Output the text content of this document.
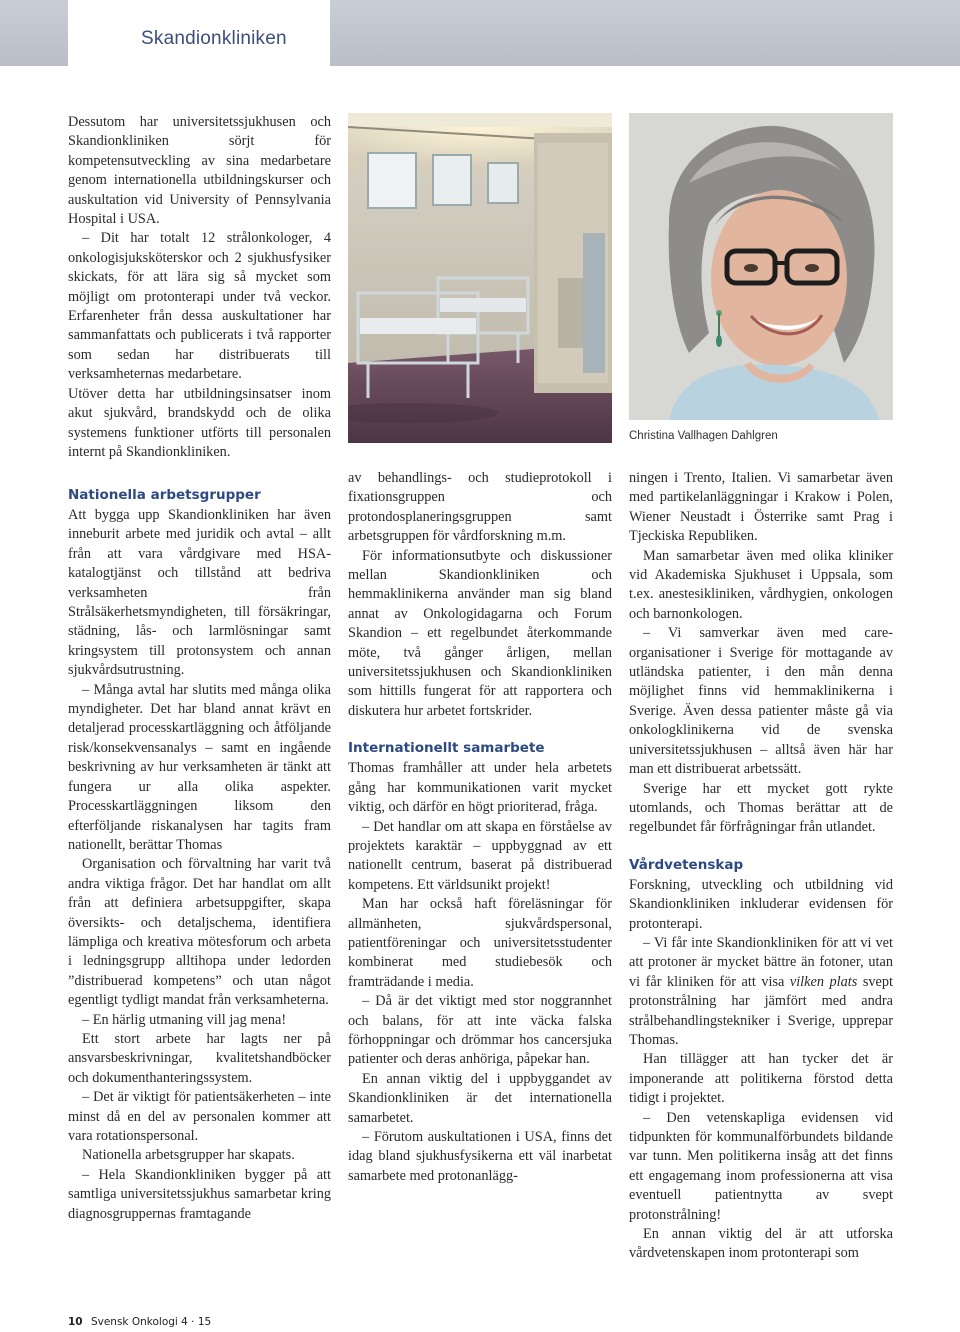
Skandionkliniken

Dessutom har universitetssjukhusen och Skandionkliniken sörjt för kompetensutveckling av sina medarbetare genom internationella utbildningskurser och auskultation vid University of Pennsylvania Hospital i USA.

– Dit har totalt 12 strålonkologer, 4 onkologisjuksköterskor och 2 sjukhusfysiker skickats, för att lära sig så mycket som möjligt om protonterapi under två veckor. Erfarenheter från dessa auskultationer har sammanfattats och publicerats i två rapporter som sedan har distribuerats till verksamheternas medarbetare.

Utöver detta har utbildningsinsatser inom akut sjukvård, brandskydd och de olika systemens funktioner utförts till personalen internt på Skandionkliniken.

Nationella arbetsgrupper

Att bygga upp Skandionkliniken har även inneburit arbete med juridik och avtal – allt från att vara vårdgivare med HSA-katalogtjänst och tillstånd att bedriva verksamheten från Strålsäkerhetsmyndigheten, till försäkringar, städning, lås- och larmlösningar samt kringsystem till protonsystem och annan sjukvårdsutrustning.

– Många avtal har slutits med många olika myndigheter. Det har bland annat krävt en detaljerad processkartläggning och åtföljande risk/konsekvensanalys – samt en ingående beskrivning av hur verksamheten är tänkt att fungera ur alla olika aspekter. Processkartläggningen liksom den efterföljande riskanalysen har tagits fram nationellt, berättar Thomas

Organisation och förvaltning har varit två andra viktiga frågor. Det har handlat om allt från att definiera arbetsuppgifter, skapa översikts- och detaljschema, identifiera lämpliga och kreativa mötesforum och arbeta i ledningsgrupp alltihopa under ledorden ”distribuerad kompetens” och utan något egentligt tydligt mandat från verksamheterna.

– En härlig utmaning vill jag mena!

Ett stort arbete har lagts ner på ansvarsbeskrivningar, kvalitetshandböcker och dokumenthanteringssystem.

– Det är viktigt för patientsäkerheten – inte minst då en del av personalen kommer att vara rotationspersonal.

Nationella arbetsgrupper har skapats.

– Hela Skandionkliniken bygger på att samtliga universitetssjukhus samarbetar kring diagnosgruppernas framtagande

Christina Vallhagen Dahlgren

av behandlings- och studieprotokoll i fixationsgruppen och protondosplaneringsgruppen samt arbetsgruppen för vårdforskning m.m.

För informationsutbyte och diskussioner mellan Skandionkliniken och hemmaklinikerna använder man sig bland annat av Onkologidagarna och Forum Skandion – ett regelbundet återkommande möte, två gånger årligen, mellan universitetssjukhusen och Skandionkliniken som hittills fungerat för att rapportera och diskutera hur arbetet fortskrider.

Internationellt samarbete

Thomas framhåller att under hela arbetets gång har kommunikationen varit mycket viktig, och därför en högt prioriterad, fråga.

– Det handlar om att skapa en förståelse av projektets karaktär – uppbyggnad av ett nationellt centrum, baserat på distribuerad kompetens. Ett världsunikt projekt!

Man har också haft föreläsningar för allmänheten, sjukvårdspersonal, patientföreningar och universitetsstudenter kombinerat med studiebesök och framträdande i media.

– Då är det viktigt med stor noggrannhet och balans, för att inte väcka falska förhoppningar och drömmar hos cancersjuka patienter och deras anhöriga, påpekar han.

En annan viktig del i uppbyggandet av Skandionkliniken är det internationella samarbetet.

– Förutom auskultationen i USA, finns det idag bland sjukhusfysikerna ett väl inarbetat samarbete med protonanlägg-

ningen i Trento, Italien. Vi samarbetar även med partikelanläggningar i Krakow i Polen, Wiener Neustadt i Österrike samt Prag i Tjeckiska Republiken.

Man samarbetar även med olika kliniker vid Akademiska Sjukhuset i Uppsala, som t.ex. anestesikliniken, vårdhygien, onkologen och barnonkologen.

– Vi samverkar även med care-organisationer i Sverige för mottagande av utländska patienter, i den mån denna möjlighet finns vid hemmaklinikerna i Sverige. Även dessa patienter måste gå via onkologklinikerna vid de svenska universitetssjukhusen – alltså även här har man ett distribuerat arbetssätt.

Sverige har ett mycket gott rykte utomlands, och Thomas berättar att de regelbundet får förfrågningar från utlandet.

Vårdvetenskap

Forskning, utveckling och utbildning vid Skandionkliniken inkluderar evidensen för protonterapi.

– Vi får inte Skandionkliniken för att vi vet att protoner är mycket bättre än fotoner, utan vi får kliniken för att visa vilken plats svept protonstrålning har jämfört med andra strålbehandlingstekniker i Sverige, upprepar Thomas.

Han tillägger att han tycker det är imponerande att politikerna förstod detta tidigt i projektet.

– Den vetenskapliga evidensen vid tidpunkten för kommunalförbundets bildande var tunn. Men politikerna insåg att det finns ett engagemang inom professionerna att visa eventuell patientnytta av svept protonstrålning!

En annan viktig del är att utforska vårdvetenskapen inom protonterapi som

10 Svensk Onkologi 4 · 15
